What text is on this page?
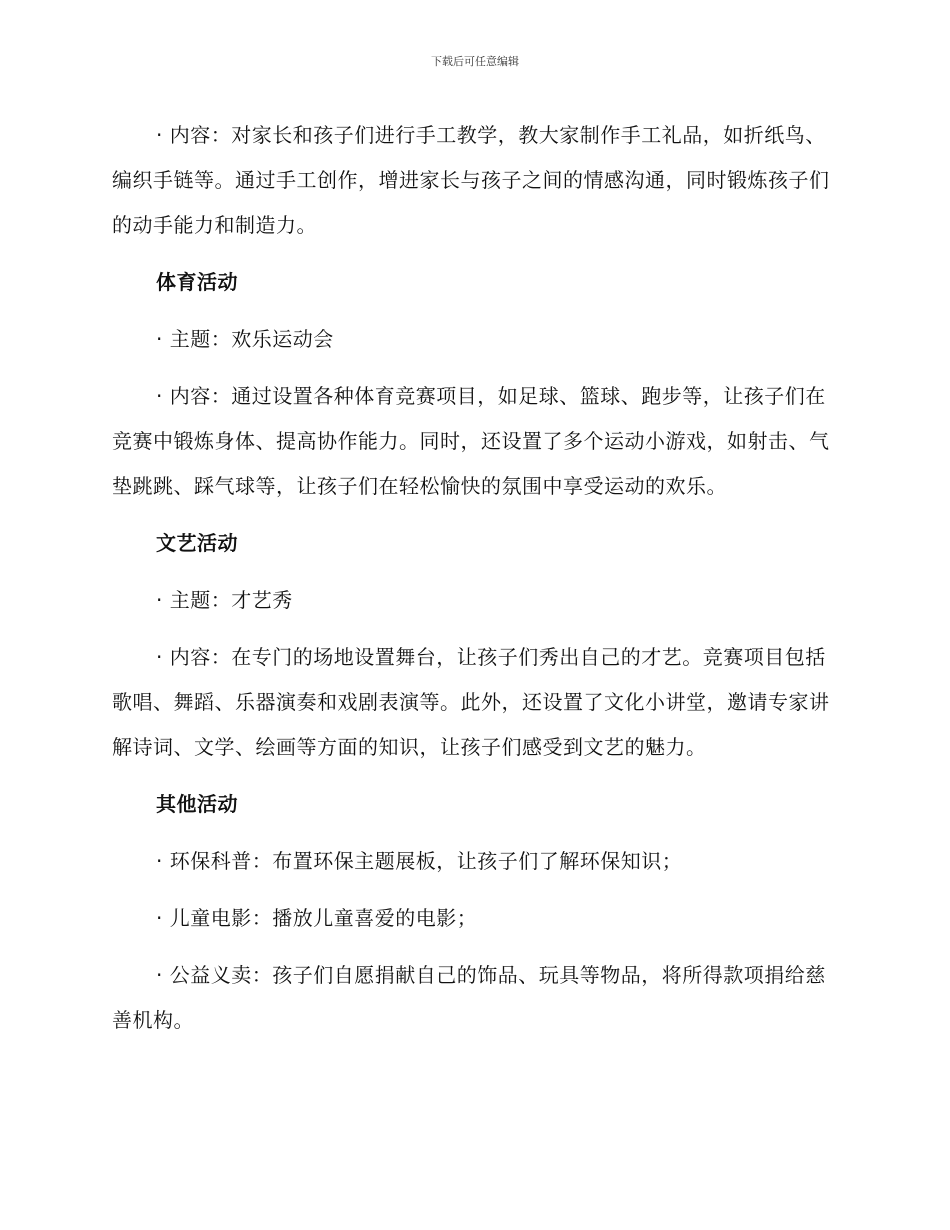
下载后可任意编辑

· 内容：对家长和孩子们进行手工教学，教大家制作手工礼品，如折纸鸟、编织手链等。通过手工创作，增进家长与孩子之间的情感沟通，同时锻炼孩子们的动手能力和制造力。

体育活动

· 主题：欢乐运动会

· 内容：通过设置各种体育竞赛项目，如足球、篮球、跑步等，让孩子们在竞赛中锻炼身体、提高协作能力。同时，还设置了多个运动小游戏，如射击、气垫跳跳、踩气球等，让孩子们在轻松愉快的氛围中享受运动的欢乐。

文艺活动

· 主题：才艺秀

· 内容：在专门的场地设置舞台，让孩子们秀出自己的才艺。竞赛项目包括歌唱、舞蹈、乐器演奏和戏剧表演等。此外，还设置了文化小讲堂，邀请专家讲解诗词、文学、绘画等方面的知识，让孩子们感受到文艺的魅力。

其他活动

· 环保科普：布置环保主题展板，让孩子们了解环保知识；

· 儿童电影：播放儿童喜爱的电影；

· 公益义卖：孩子们自愿捐献自己的饰品、玩具等物品，将所得款项捐给慈善机构。
